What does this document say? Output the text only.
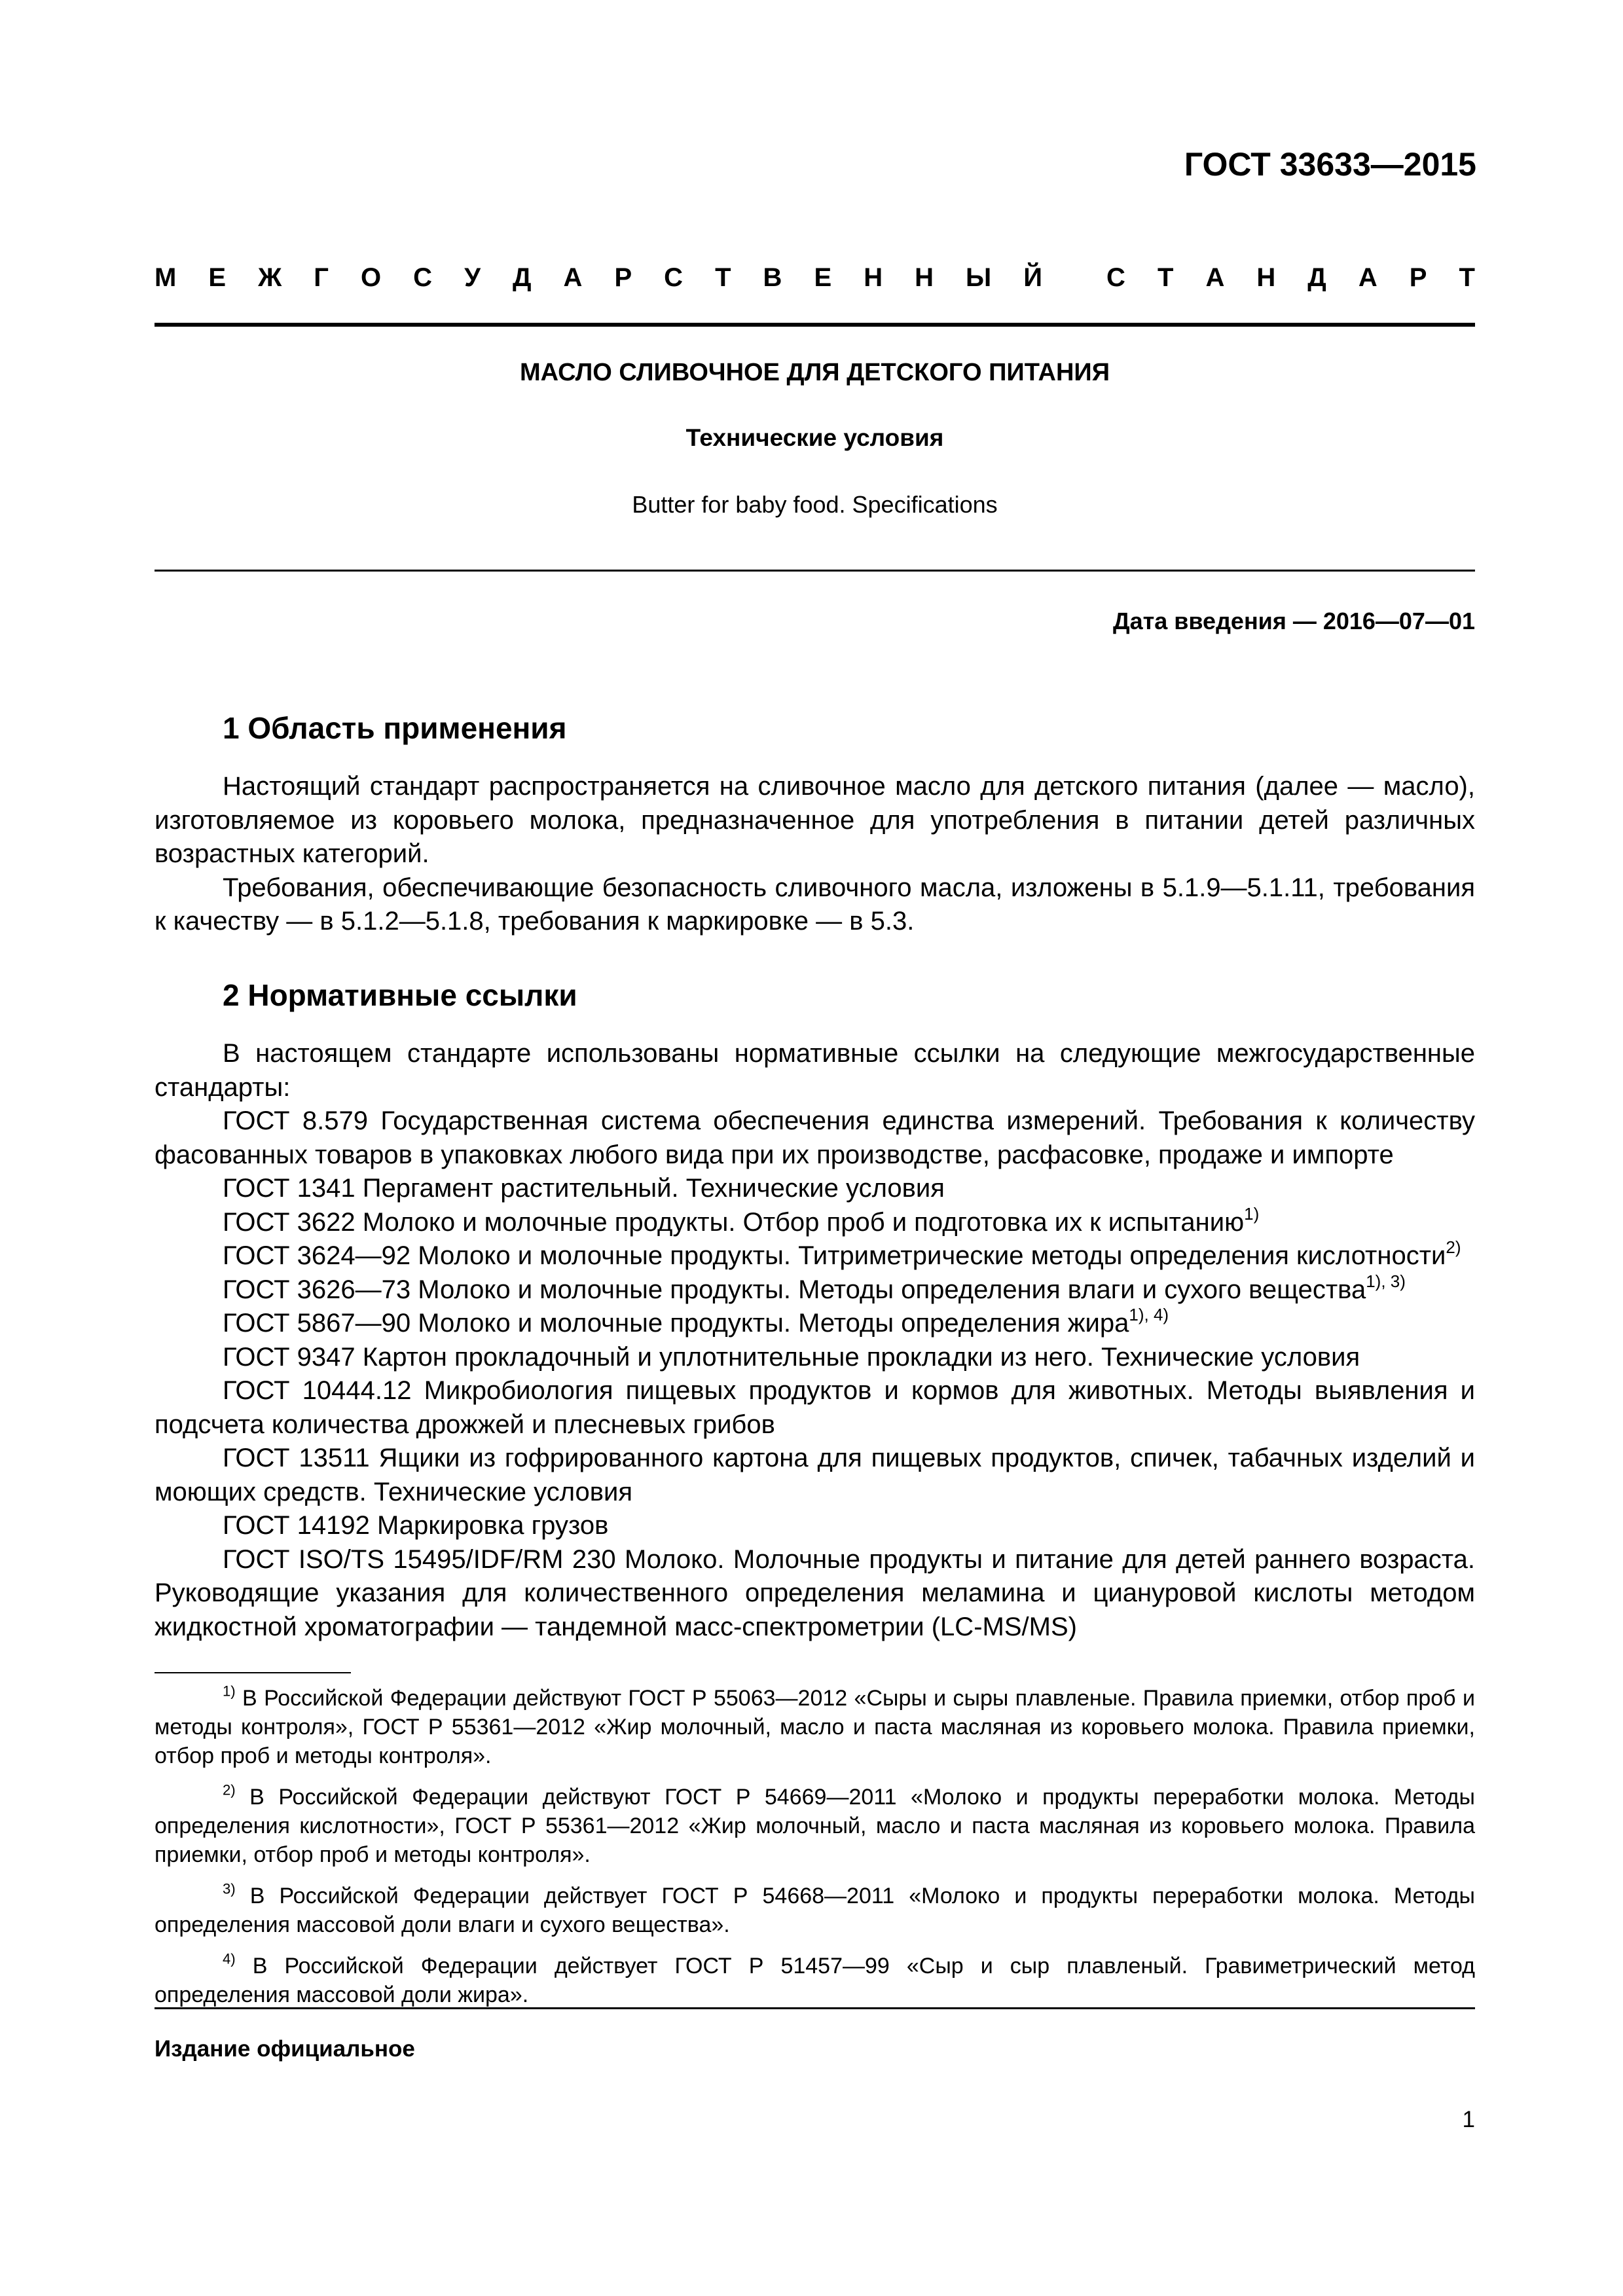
ГОСТ 33633—2015
М Е Ж Г О С У Д А Р С Т В Е Н Н Ы Й С Т А Н Д А Р Т
МАСЛО СЛИВОЧНОЕ ДЛЯ ДЕТСКОГО ПИТАНИЯ
Технические условия
Butter for baby food. Specifications
Дата введения — 2016—07—01
1 Область применения

Настоящий стандарт распространяется на сливочное масло для детского питания (далее — масло), изготовляемое из коровьего молока, предназначенное для употребления в питании детей различных возрастных категорий.

Требования, обеспечивающие безопасность сливочного масла, изложены в 5.1.9—5.1.11, требования к качеству — в 5.1.2—5.1.8, требования к маркировке — в 5.3.

2 Нормативные ссылки

В настоящем стандарте использованы нормативные ссылки на следующие межгосударственные стандарты:

ГОСТ 8.579 Государственная система обеспечения единства измерений. Требования к количеству фасованных товаров в упаковках любого вида при их производстве, расфасовке, продаже и импорте

ГОСТ 1341 Пергамент растительный. Технические условия

ГОСТ 3622 Молоко и молочные продукты. Отбор проб и подготовка их к испытанию$^{1)}$

ГОСТ 3624—92 Молоко и молочные продукты. Титриметрические методы определения кислотности$^{2)}$

ГОСТ 3626—73 Молоко и молочные продукты. Методы определения влаги и сухого вещества$^{1), 3)}$

ГОСТ 5867—90 Молоко и молочные продукты. Методы определения жира$^{1), 4)}$

ГОСТ 9347 Картон прокладочный и уплотнительные прокладки из него. Технические условия

ГОСТ 10444.12 Микробиология пищевых продуктов и кормов для животных. Методы выявления и подсчета количества дрожжей и плесневых грибов

ГОСТ 13511 Ящики из гофрированного картона для пищевых продуктов, спичек, табачных изделий и моющих средств. Технические условия

ГОСТ 14192 Маркировка грузов

ГОСТ ISO/TS 15495/IDF/RM 230 Молоко. Молочные продукты и питание для детей раннего возраста. Руководящие указания для количественного определения меламина и циануровой кислоты методом жидкостной хроматографии — тандемной масс-спектрометрии (LC-MS/MS)

$^{1)}$ В Российской Федерации действуют ГОСТ Р 55063—2012 «Сыры и сыры плавленые. Правила приемки, отбор проб и методы контроля», ГОСТ Р 55361—2012 «Жир молочный, масло и паста масляная из коровьего молока. Правила приемки, отбор проб и методы контроля».

$^{2)}$ В Российской Федерации действуют ГОСТ Р 54669—2011 «Молоко и продукты переработки молока. Методы определения кислотности», ГОСТ Р 55361—2012 «Жир молочный, масло и паста масляная из коровьего молока. Правила приемки, отбор проб и методы контроля».

$^{3)}$ В Российской Федерации действует ГОСТ Р 54668—2011 «Молоко и продукты переработки молока. Методы определения массовой доли влаги и сухого вещества».

$^{4)}$ В Российской Федерации действует ГОСТ Р 51457—99 «Сыр и сыр плавленый. Гравиметрический метод определения массовой доли жира».

Издание официальное
1
